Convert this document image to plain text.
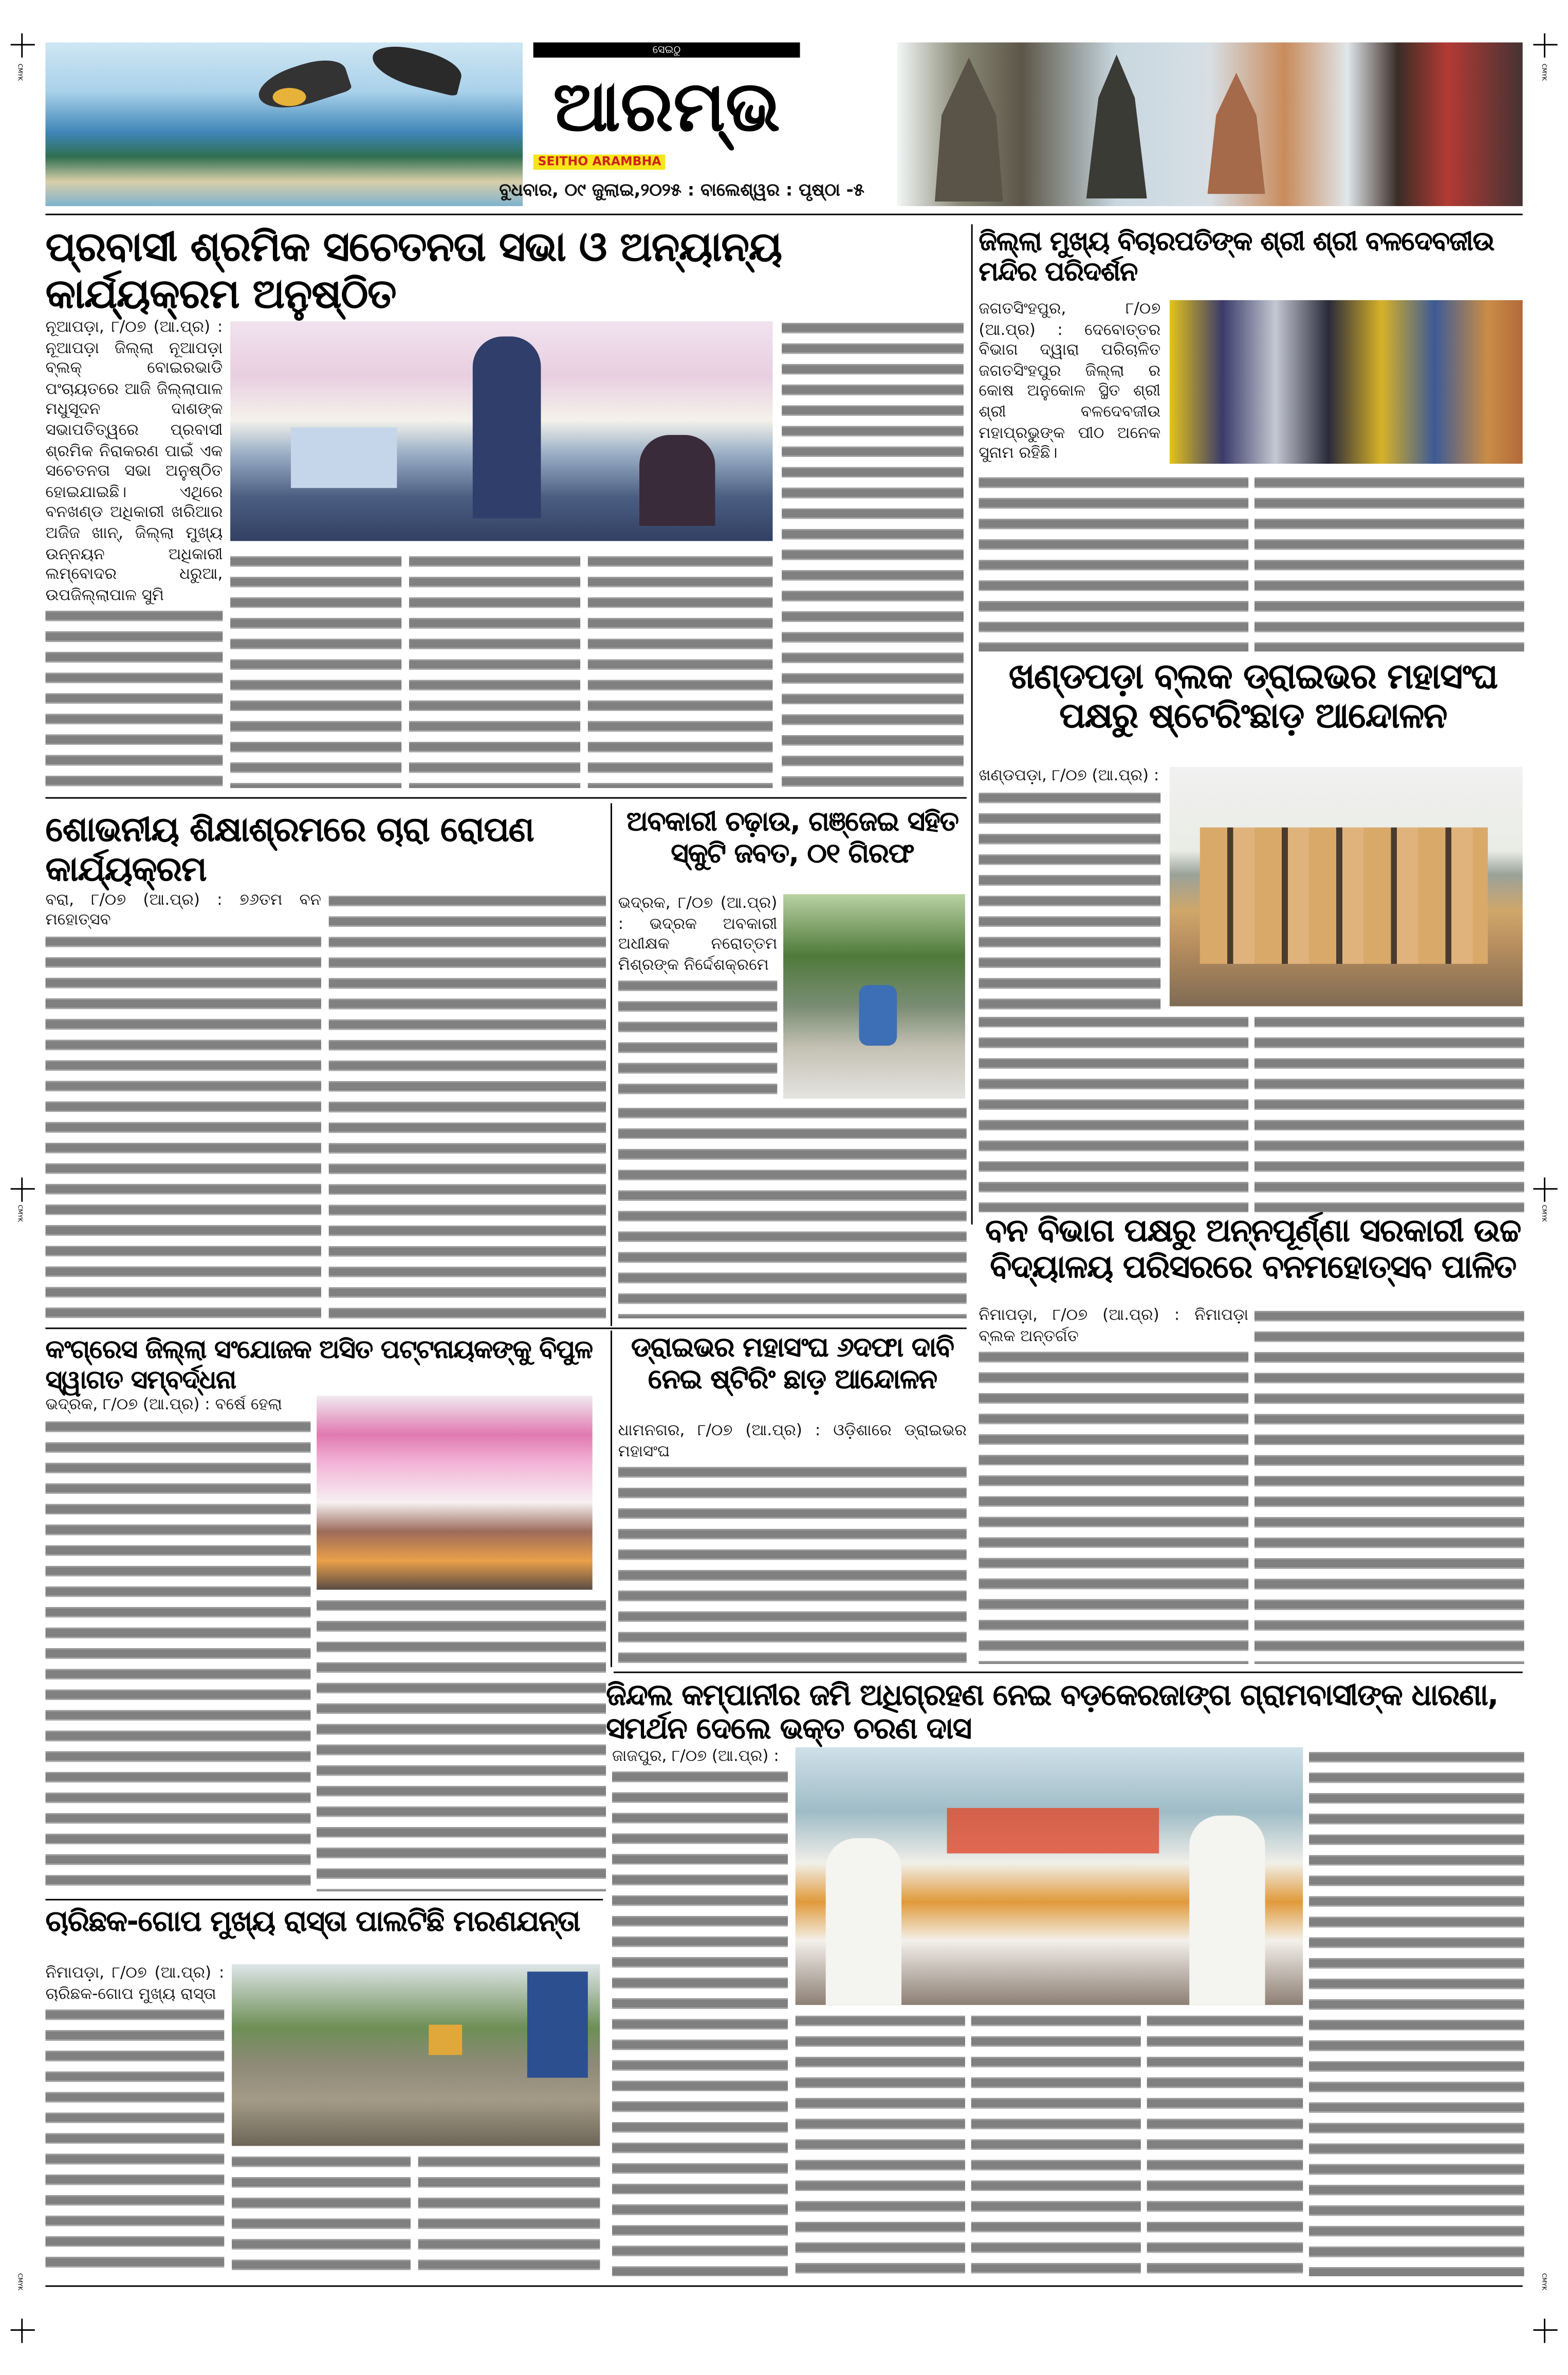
CMYK	CMYK
CMYK	CMYK
CMYK	CMYK
ସେଇଠୁ
ଆରମ୍ଭ
SEITHO ARAMBHA
ବୁଧବାର, ୦୯ ଜୁଲାଇ,୨୦୨୫ : ବାଲେଶ୍ୱର : ପୃଷ୍ଠା -୫
ପ୍ରବାସୀ ଶ୍ରମିକ ସଚେତନତା ସଭା ଓ ଅନ୍ୟାନ୍ୟ କାର୍ଯ୍ୟକ୍ରମ ଅନୁଷ୍ଠିତ
ନୂଆପଡ଼ା, ୮/୦୭ (ଆ.ପ୍ର) : ନୂଆପଡ଼ା ଜିଲ୍ଲା ନୂଆପଡ଼ା ବ୍ଲକ୍ ବୋଇରଭାଡି ପଂଚାୟତରେ ଆଜି ଜିଲ୍ଲାପାଳ ମଧୁସୂଦନ ଦାଶଙ୍କ ସଭାପତିତ୍ୱରେ ପ୍ରବାସୀ ଶ୍ରମିକ ନିରାକରଣ ପାଇଁ ଏକ ସଚେତନତା ସଭା ଅନୁଷ୍ଠିତ ହୋଇଯାଇଛି। ଏଥିରେ ବନଖଣ୍ଡ ଅଧିକାରୀ ଖରିଆର ଅଜିଜ ଖାନ୍, ଜିଲ୍ଲା ମୁଖ୍ୟ ଉନ୍ନୟନ ଅଧିକାରୀ ଲମ୍ବୋଦର ଧରୁଆ, ଉପଜିଲ୍ଲାପାଳ ସୁମି
ଜିଲ୍ଲା ମୁଖ୍ୟ ବିଚାରପତିଙ୍କ ଶ୍ରୀ ଶ୍ରୀ ବଳଦେବଜୀଉ ମନ୍ଦିର ପରିଦର୍ଶନ
ଜଗତସିଂହପୁର, ୮/୦୭ (ଆ.ପ୍ର) : ଦେବୋତ୍ତର ବିଭାଗ ଦ୍ୱାରା ପରିଚାଳିତ ଜଗତସିଂହପୁର ଜିଲ୍ଲା ର କୋଷ ଅନୁକୋଳ ସ୍ଥିତ ଶ୍ରୀ ଶ୍ରୀ ବଳଦେବଜୀଉ ମହାପ୍ରଭୁଙ୍କ ପୀଠ ଅନେକ ସୁନାମ ରହିଛି।
ଖଣ୍ଡପଡ଼ା ବ୍ଲକ ଡ୍ରାଇଭର ମହାସଂଘ ପକ୍ଷରୁ ଷ୍ଟେରିଂଛାଡ଼ ଆନ୍ଦୋଳନ
ଖଣ୍ଡପଡ଼ା, ୮/୦୭ (ଆ.ପ୍ର) :
ଶୋଭନୀୟ ଶିକ୍ଷାଶ୍ରମରେ ଚାରା ରୋପଣ କାର୍ଯ୍ୟକ୍ରମ
ବରା, ୮/୦୭ (ଆ.ପ୍ର) : ୭୬ତମ ବନ ମହୋତ୍ସବ
ଅବକାରୀ ଚଢ଼ାଉ, ଗଞ୍ଜେଇ ସହିତ ସ୍କୁଟି ଜବତ, ୦୧ ଗିରଫ
ଭଦ୍ରକ, ୮/୦୭ (ଆ.ପ୍ର) : ଭଦ୍ରକ ଅବକାରୀ ଅଧୀକ୍ଷକ ନରୋତ୍ତମ ମିଶ୍ରଙ୍କ ନିର୍ଦ୍ଦେଶକ୍ରମେ
ବନ ବିଭାଗ ପକ୍ଷରୁ ଅନ୍ନପୂର୍ଣ୍ଣା ସରକାରୀ ଉଚ୍ଚ ବିଦ୍ୟାଳୟ ପରିସରରେ ବନମହୋତ୍ସବ ପାଳିତ
ନିମାପଡ଼ା, ୮/୦୭ (ଆ.ପ୍ର) : ନିମାପଡ଼ା ବ୍ଲକ ଅନ୍ତର୍ଗତ
କଂଗ୍ରେସ ଜିଲ୍ଲା ସଂଯୋଜକ ଅସିତ ପଟ୍ଟନାୟକଙ୍କୁ ବିପୁଳ ସ୍ୱାଗତ ସମ୍ବର୍ଦ୍ଧନା
ଭଦ୍ରକ, ୮/୦୭ (ଆ.ପ୍ର) : ବର୍ଷେ ହେଲା
ଡ୍ରାଇଭର ମହାସଂଘ ୬ଦଫା ଦାବି ନେଇ ଷ୍ଟିରିଂ ଛାଡ଼ ଆନ୍ଦୋଳନ
ଧାମନଗର, ୮/୦୭ (ଆ.ପ୍ର) : ଓଡ଼ିଶାରେ ଡ୍ରାଇଭର ମହାସଂଘ
ଜିନ୍ଦଲ କମ୍ପାନୀର ଜମି ଅଧିଗ୍ରହଣ ନେଇ ବଡ଼କେରଜାଙ୍ଗ ଗ୍ରାମବାସୀଙ୍କ ଧାରଣା, ସମର୍ଥନ ଦେଲେ ଭକ୍ତ ଚରଣ ଦାସ
ଜାଜପୁର, ୮/୦୭ (ଆ.ପ୍ର) :
ଚାରିଛକ-ଗୋପ ମୁଖ୍ୟ ରାସ୍ତା ପାଲଟିଛି ମରଣଯନ୍ତା
ନିମାପଡ଼ା, ୮/୦୭ (ଆ.ପ୍ର) : ଚାରିଛକ-ଗୋପ ମୁଖ୍ୟ ରାସ୍ତା
